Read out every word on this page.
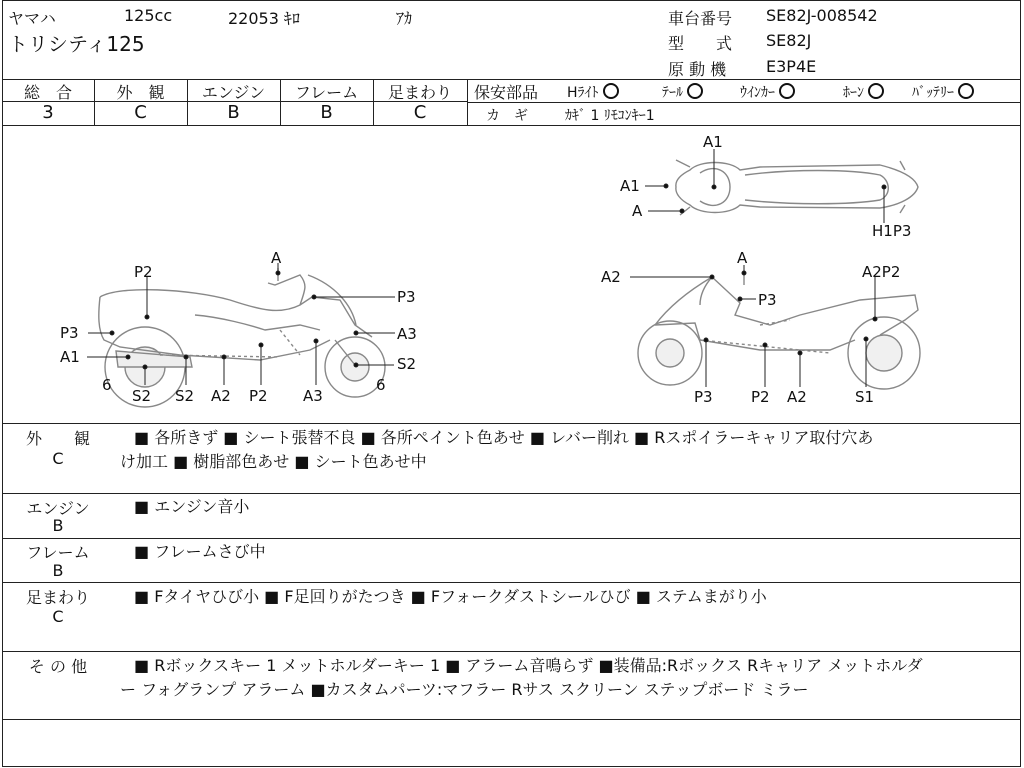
ヤマハ	125cc	22053 ｷﾛ	ｱｶ
トリシティ125
車台番号 SE82J-008542
型　　式 SE82J
原 動 機 E3P4E
総　合	外　観	エンジン	フレーム	足まわり
3	C	B	B	C
保安部品 Hﾗｲﾄ	ﾃｰﾙ	ｳｲﾝｶｰ	ﾎｰﾝ	ﾊﾞｯﾃﾘｰ
カ　ギ	ｶｷﾞ 1 ﾘﾓｺﾝｷｰ1
A1
A1
A
H1P3
A
P2
P3
P3
A1
A3
S2
6	6
S2 S2 A2 P2 A3
A
A2	A2P2
P3
P3	P2 A2	S1
外　　観
C
■ 各所きず ■ シート張替不良 ■ 各所ペイント色あせ ■ レバー削れ ■ Rスポイラーキャリア取付穴あ
け加工 ■ 樹脂部色あせ ■ シート色あせ中
エンジン
B
■ エンジン音小
フレーム
B
■ フレームさび中
足まわり
C
■ Fタイヤひび小 ■ F足回りがたつき ■ Fフォークダストシールひび ■ ステムまがり小
そ の 他	■ Rボックスキー 1 メットホルダーキー 1 ■ アラーム音鳴らず ■装備品:Rボックス Rキャリア メットホルダ
ー フォグランプ アラーム ■カスタムパーツ:マフラー Rサス スクリーン ステップボード ミラー
